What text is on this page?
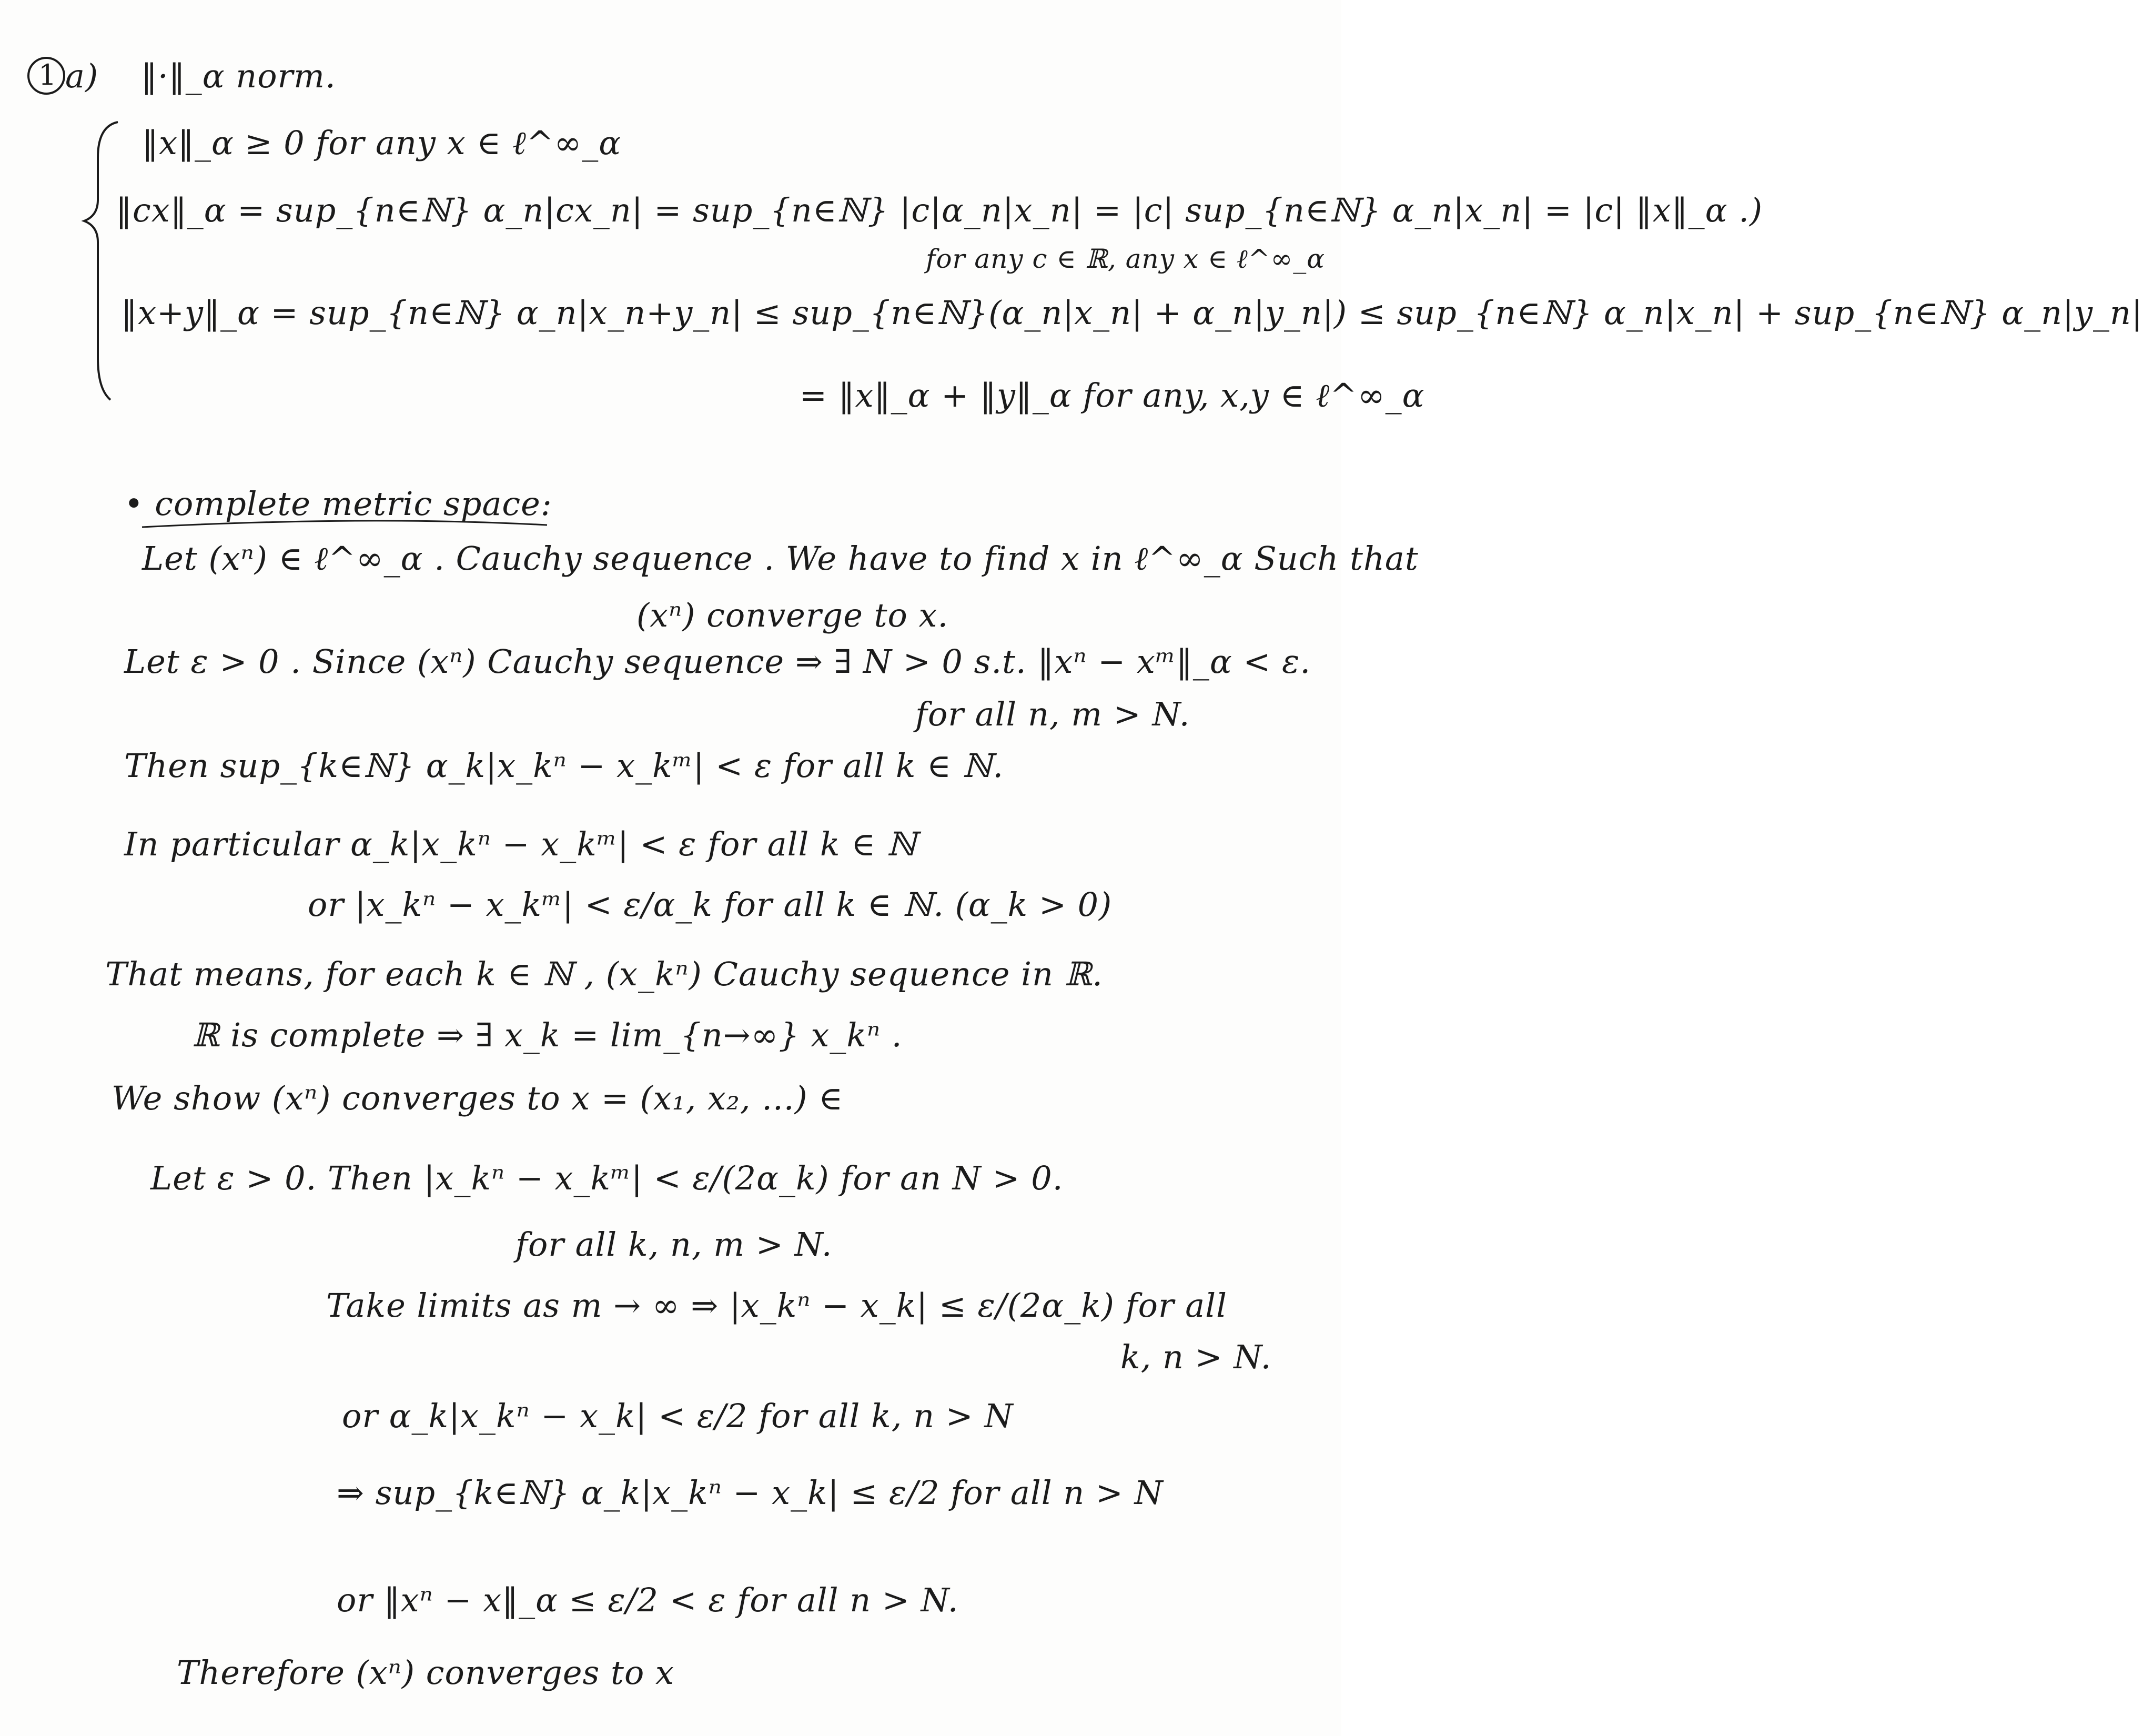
1 a) ‖·‖_α norm.
‖x‖_α ≥ 0 for any x ∈ ℓ^∞_α
‖cx‖_α = sup_{n∈ℕ} α_n|cx_n| = sup_{n∈ℕ} |c|α_n|x_n| = |c| sup_{n∈ℕ} α_n|x_n| = |c| ‖x‖_α .)
for any c ∈ ℝ, any x ∈ ℓ^∞_α
‖x+y‖_α = sup_{n∈ℕ} α_n|x_n+y_n| ≤ sup_{n∈ℕ}(α_n|x_n| + α_n|y_n|) ≤ sup_{n∈ℕ} α_n|x_n| + sup_{n∈ℕ} α_n|y_n|
= ‖x‖_α + ‖y‖_α for any, x,y ∈ ℓ^∞_α
• complete metric space:
Let (xⁿ) ∈ ℓ^∞_α . Cauchy sequence . We have to find x in ℓ^∞_α Such that
(xⁿ) converge to x.
Let ε > 0 . Since (xⁿ) Cauchy sequence ⇒ ∃ N > 0 s.t. ‖xⁿ − xᵐ‖_α < ε.
for all n, m > N.
Then sup_{k∈ℕ} α_k|x_kⁿ − x_kᵐ| < ε for all k ∈ ℕ.
In particular α_k|x_kⁿ − x_kᵐ| < ε for all k ∈ ℕ
or |x_kⁿ − x_kᵐ| < ε/α_k for all k ∈ ℕ. (α_k > 0)
That means, for each k ∈ ℕ , (x_kⁿ) Cauchy sequence in ℝ.
ℝ is complete ⇒ ∃ x_k = lim_{n→∞} x_kⁿ .
We show (xⁿ) converges to x = (x₁, x₂, ...) ∈
Let ε > 0. Then |x_kⁿ − x_kᵐ| < ε/(2α_k) for an N > 0.
for all k, n, m > N.
Take limits as m → ∞ ⇒ |x_kⁿ − x_k| ≤ ε/(2α_k) for all
k, n > N.
or α_k|x_kⁿ − x_k| < ε/2 for all k, n > N
⇒ sup_{k∈ℕ} α_k|x_kⁿ − x_k| ≤ ε/2 for all n > N
or ‖xⁿ − x‖_α ≤ ε/2 < ε for all n > N.
Therefore (xⁿ) converges to x
